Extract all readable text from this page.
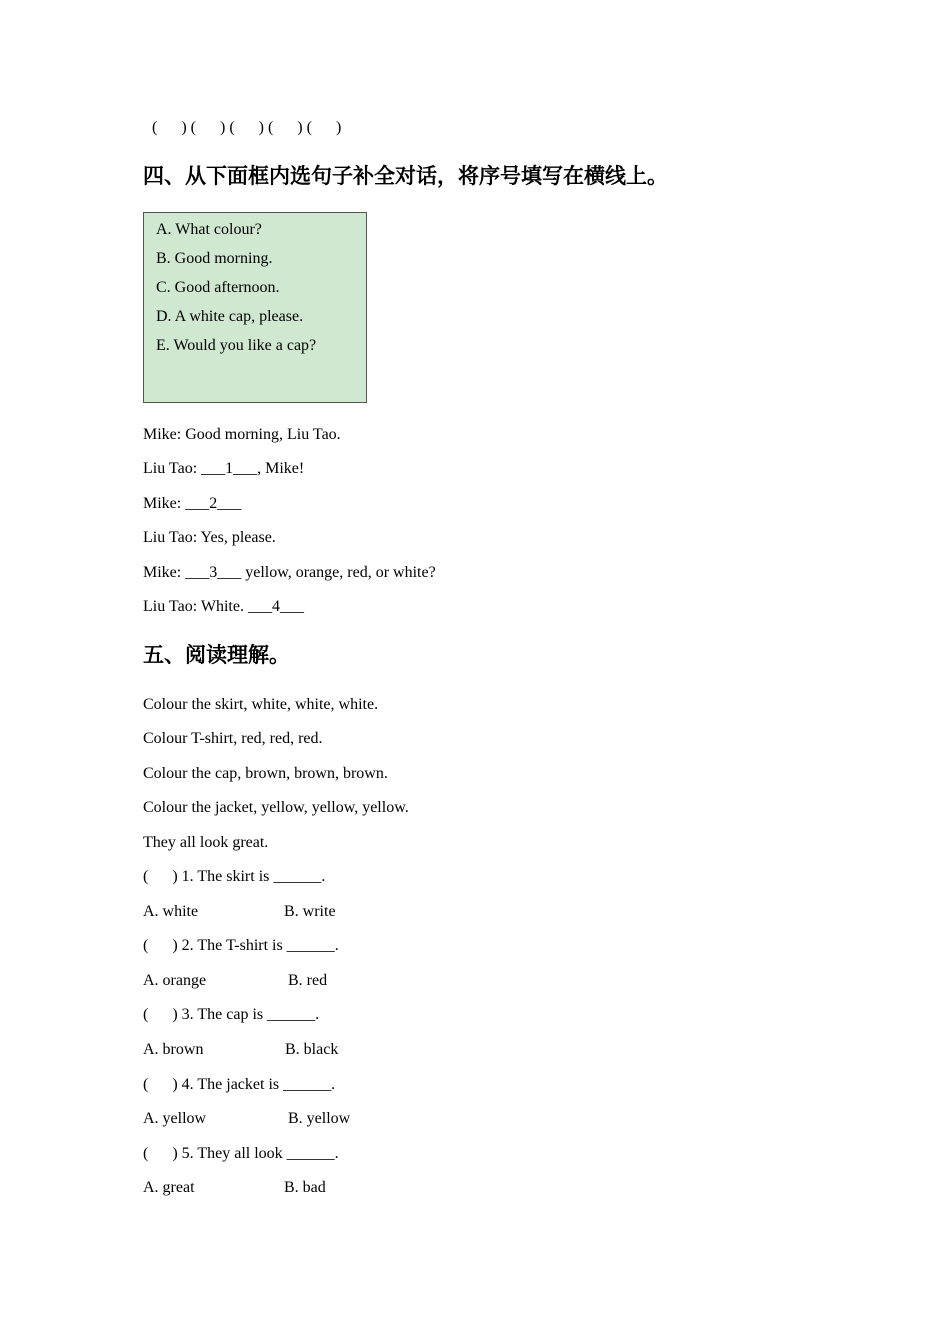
(      ) (      ) (      ) (      ) (      )
四、从下面框内选句子补全对话，将序号填写在横线上。
A. What colour?
B. Good morning.
C. Good afternoon.
D. A white cap, please.
E. Would you like a cap?
Mike: Good morning, Liu Tao.
Liu Tao: ___1___, Mike!
Mike: ___2___
Liu Tao: Yes, please.
Mike: ___3___ yellow, orange, red, or white?
Liu Tao: White. ___4___
五、阅读理解。
Colour the skirt, white, white, white.
Colour T-shirt, red, red, red.
Colour the cap, brown, brown, brown.
Colour the jacket, yellow, yellow, yellow.
They all look great.
(      ) 1. The skirt is ______.
A. white	B. write
(      ) 2. The T-shirt is ______.
A. orange	B. red
(      ) 3. The cap is ______.
A. brown	B. black
(      ) 4. The jacket is ______.
A. yellow	B. yellow
(      ) 5. They all look ______.
A. great	B. bad
